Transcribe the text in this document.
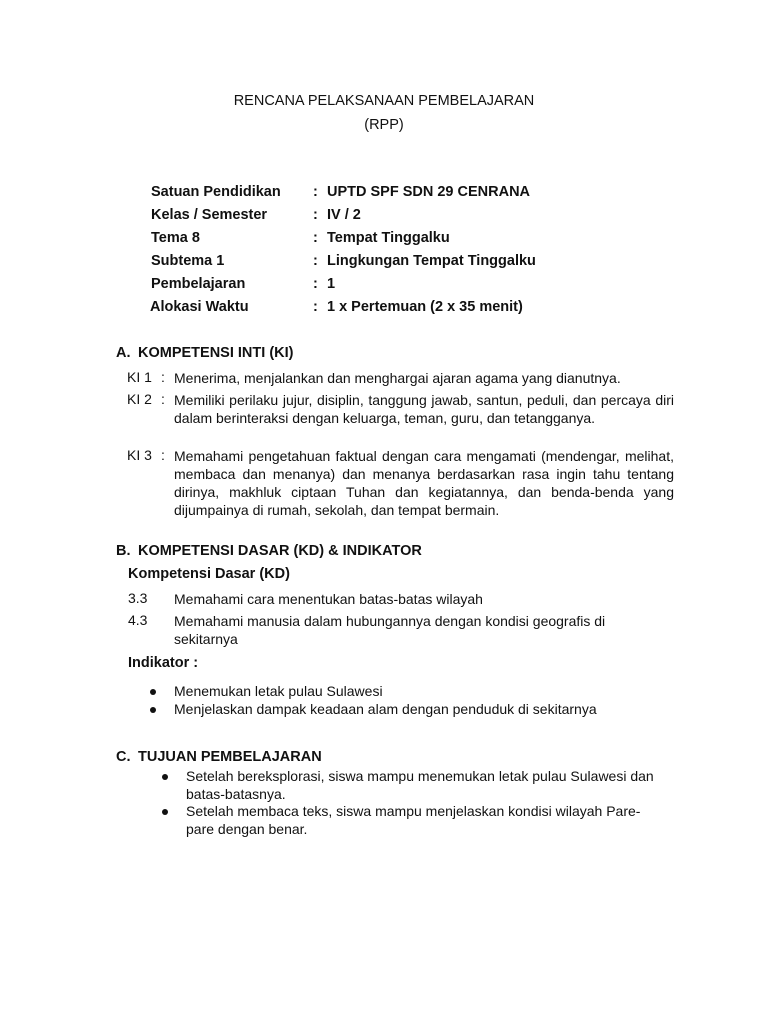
RENCANA PELAKSANAAN PEMBELAJARAN
(RPP)
Satuan Pendidikan : UPTD SPF SDN 29 CENRANA
Kelas / Semester	: IV / 2
Tema 8	: Tempat Tinggalku
Subtema 1	: Lingkungan Tempat Tinggalku
Pembelajaran	: 1
Alokasi Waktu	: 1 x Pertemuan (2 x 35 menit)
A. KOMPETENSI INTI (KI)
KI 1 : Menerima, menjalankan dan menghargai ajaran agama yang dianutnya.
KI 2 : Memiliki perilaku jujur, disiplin, tanggung jawab, santun, peduli, dan percaya diri dalam berinteraksi dengan keluarga, teman, guru, dan tetangganya.
KI 3 : Memahami pengetahuan faktual dengan cara mengamati (mendengar, melihat, membaca dan menanya) dan menanya berdasarkan rasa ingin tahu tentang dirinya, makhluk ciptaan Tuhan dan kegiatannya, dan benda-benda yang dijumpainya di rumah, sekolah, dan tempat bermain.
B. KOMPETENSI DASAR (KD) & INDIKATOR
Kompetensi Dasar (KD)
3.3 Memahami cara menentukan batas-batas wilayah
4.3 Memahami manusia dalam hubungannya dengan kondisi geografis di sekitarnya
Indikator :
Menemukan letak pulau Sulawesi
Menjelaskan dampak keadaan alam dengan penduduk di sekitarnya
C. TUJUAN PEMBELAJARAN
Setelah bereksplorasi, siswa mampu menemukan letak pulau Sulawesi dan batas-batasnya.
Setelah membaca teks, siswa mampu menjelaskan kondisi wilayah Pare-pare dengan benar.
